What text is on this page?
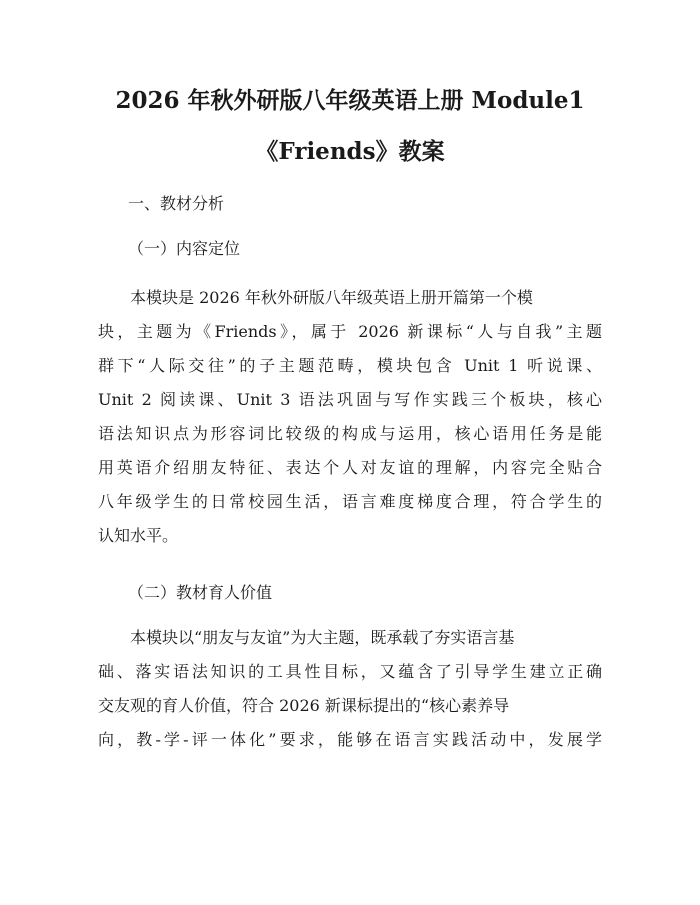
2026 年秋外研版八年级英语上册 Module1
《Friends》教案
一、教材分析
（一）内容定位
本模块是 2026 年秋外研版八年级英语上册开篇第一个模
块，主题为《Friends》，属于 2026 新课标“人与自我”主题
群下“人际交往”的子主题范畴，模块包含 Unit 1 听说课、
Unit 2 阅读课、Unit 3 语法巩固与写作实践三个板块，核心
语法知识点为形容词比较级的构成与运用，核心语用任务是能
用英语介绍朋友特征、表达个人对友谊的理解，内容完全贴合
八年级学生的日常校园生活，语言难度梯度合理，符合学生的
认知水平。
（二）教材育人价值
本模块以“朋友与友谊”为大主题，既承载了夯实语言基
础、落实语法知识的工具性目标，又蕴含了引导学生建立正确
交友观的育人价值，符合 2026 新课标提出的“核心素养导
向，教-学-评一体化”要求，能够在语言实践活动中，发展学
